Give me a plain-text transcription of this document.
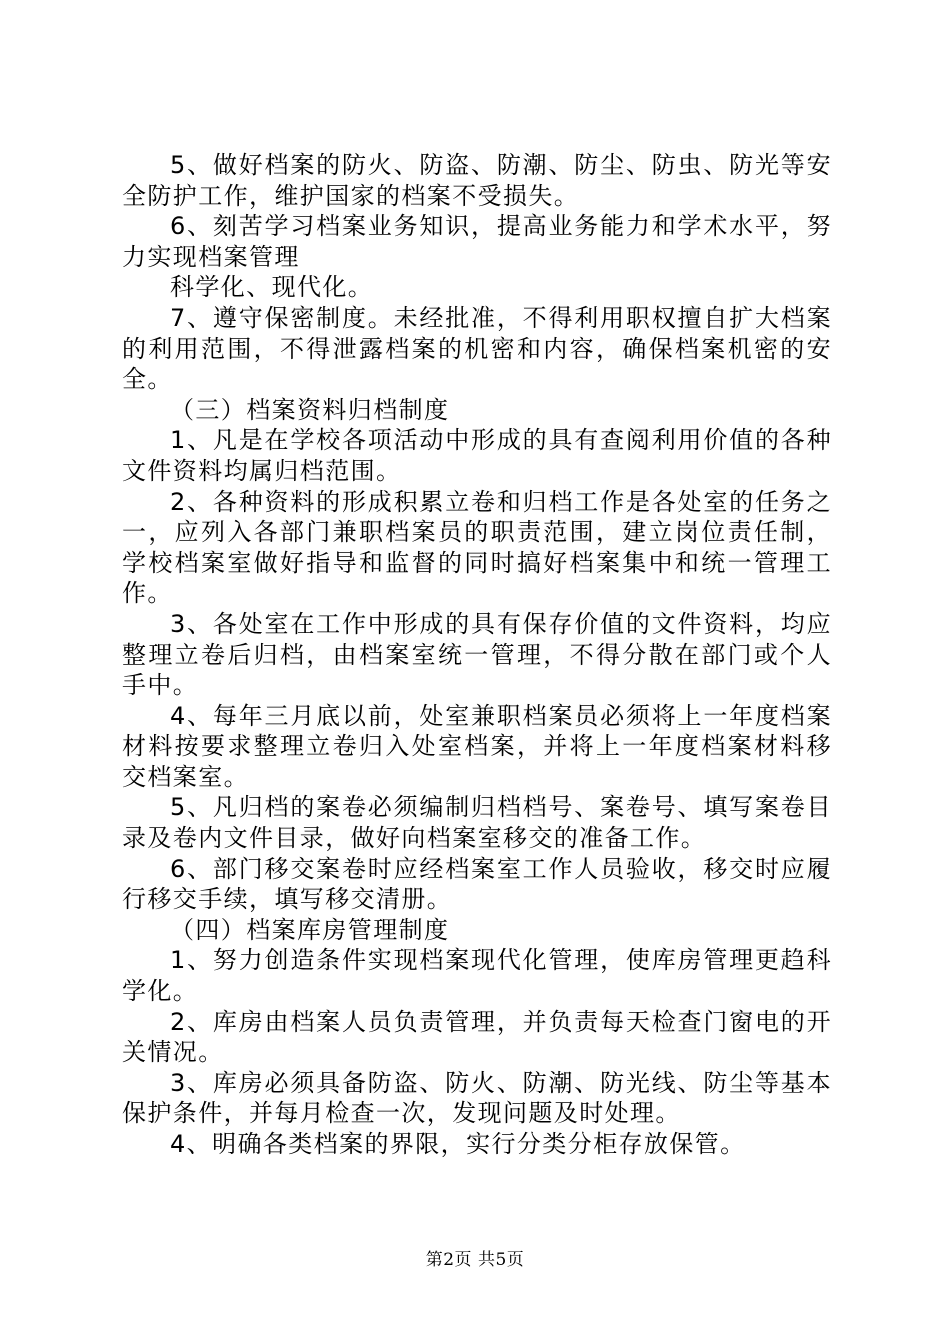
5、做好档案的防火、防盗、防潮、防尘、防虫、防光等安全防护工作，维护国家的档案不受损失。

6、刻苦学习档案业务知识，提高业务能力和学术水平，努力实现档案管理

科学化、现代化。

7、遵守保密制度。未经批准，不得利用职权擅自扩大档案的利用范围，不得泄露档案的机密和内容，确保档案机密的安全。

（三）档案资料归档制度

1、凡是在学校各项活动中形成的具有查阅利用价值的各种文件资料均属归档范围。

2、各种资料的形成积累立卷和归档工作是各处室的任务之一，应列入各部门兼职档案员的职责范围，建立岗位责任制，学校档案室做好指导和监督的同时搞好档案集中和统一管理工作。

3、各处室在工作中形成的具有保存价值的文件资料，均应整理立卷后归档，由档案室统一管理，不得分散在部门或个人手中。

4、每年三月底以前，处室兼职档案员必须将上一年度档案材料按要求整理立卷归入处室档案，并将上一年度档案材料移交档案室。

5、凡归档的案卷必须编制归档档号、案卷号、填写案卷目录及卷内文件目录，做好向档案室移交的准备工作。

6、部门移交案卷时应经档案室工作人员验收，移交时应履行移交手续，填写移交清册。

（四）档案库房管理制度

1、努力创造条件实现档案现代化管理，使库房管理更趋科学化。

2、库房由档案人员负责管理，并负责每天检查门窗电的开关情况。

3、库房必须具备防盗、防火、防潮、防光线、防尘等基本保护条件，并每月检查一次，发现问题及时处理。

4、明确各类档案的界限，实行分类分柜存放保管。

第2页 共5页
